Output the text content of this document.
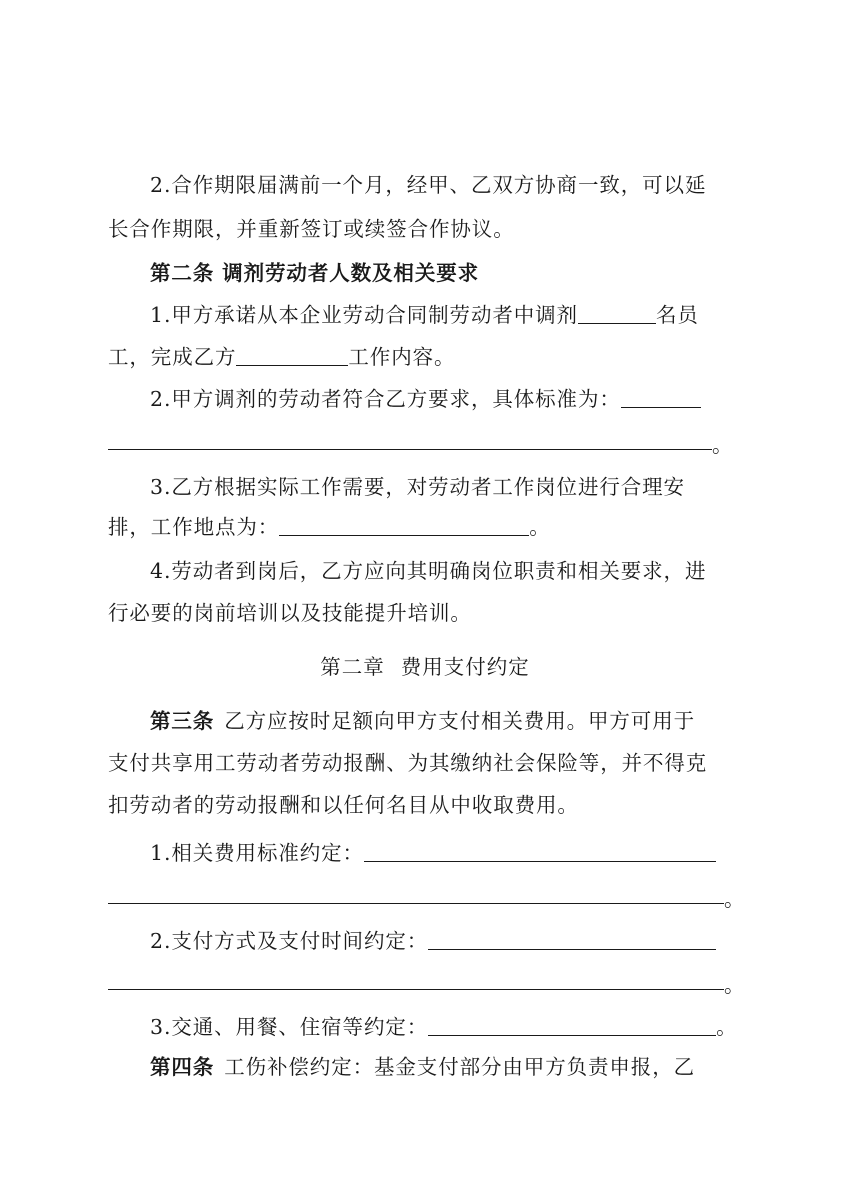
2.合作期限届满前一个月，经甲、乙双方协商一致，可以延
长合作期限，并重新签订或续签合作协议。
第二条 调剂劳动者人数及相关要求
1.甲方承诺从本企业劳动合同制劳动者中调剂	名员
工，完成乙方	工作内容。
2.甲方调剂的劳动者符合乙方要求，具体标准为：
。
3.乙方根据实际工作需要，对劳动者工作岗位进行合理安
排，工作地点为：	。
4.劳动者到岗后，乙方应向其明确岗位职责和相关要求，进
行必要的岗前培训以及技能提升培训。
第二章 费用支付约定
第三条 乙方应按时足额向甲方支付相关费用。甲方可用于
支付共享用工劳动者劳动报酬、为其缴纳社会保险等，并不得克
扣劳动者的劳动报酬和以任何名目从中收取费用。
1.相关费用标准约定：
。
2.支付方式及支付时间约定：
。
3.交通、用餐、住宿等约定：	。
第四条 工伤补偿约定：基金支付部分由甲方负责申报，乙
